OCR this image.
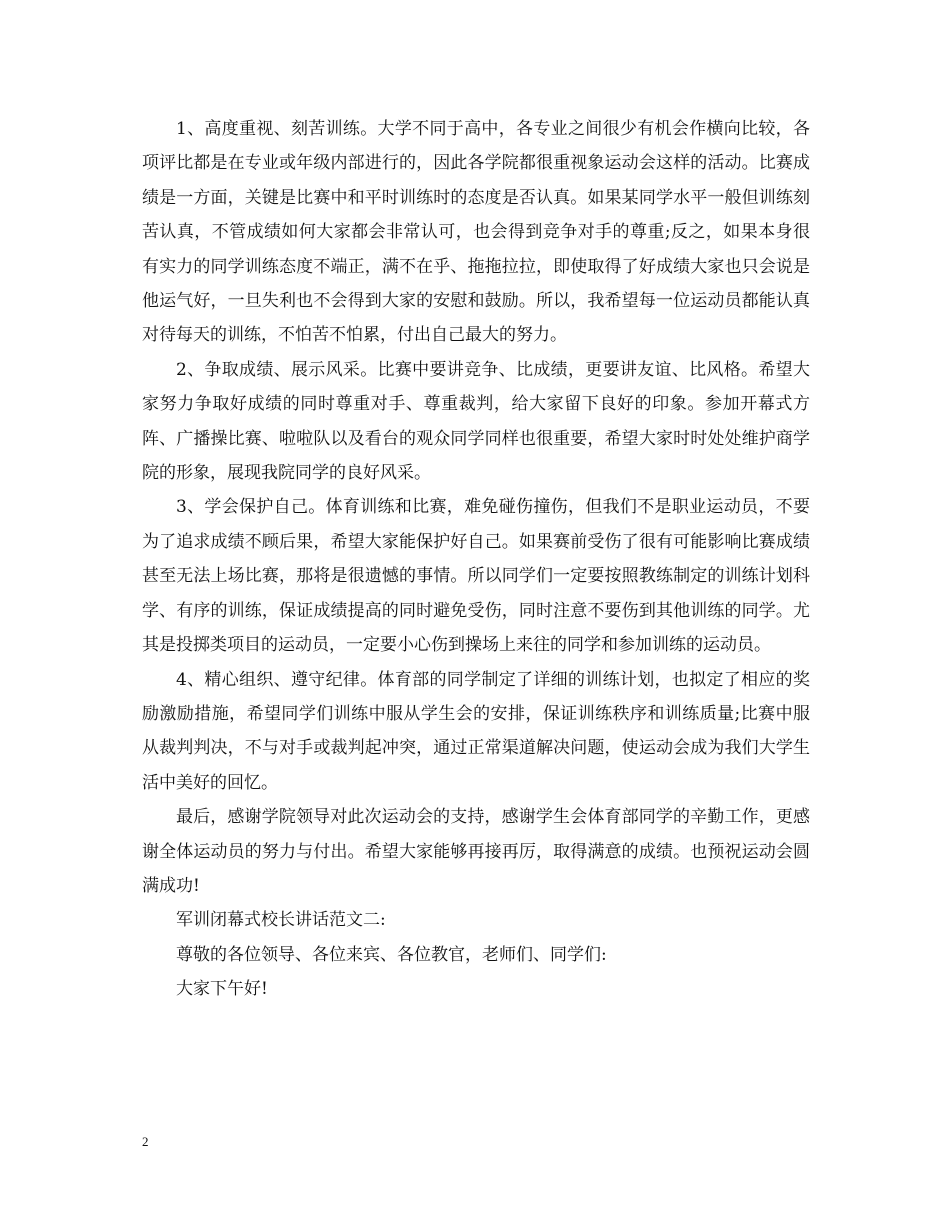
1、高度重视、刻苦训练。大学不同于高中，各专业之间很少有机会作横向比较，各项评比都是在专业或年级内部进行的，因此各学院都很重视象运动会这样的活动。比赛成绩是一方面，关键是比赛中和平时训练时的态度是否认真。如果某同学水平一般但训练刻苦认真，不管成绩如何大家都会非常认可，也会得到竞争对手的尊重;反之，如果本身很有实力的同学训练态度不端正，满不在乎、拖拖拉拉，即使取得了好成绩大家也只会说是他运气好，一旦失利也不会得到大家的安慰和鼓励。所以，我希望每一位运动员都能认真对待每天的训练，不怕苦不怕累，付出自己最大的努力。

2、争取成绩、展示风采。比赛中要讲竞争、比成绩，更要讲友谊、比风格。希望大家努力争取好成绩的同时尊重对手、尊重裁判，给大家留下良好的印象。参加开幕式方阵、广播操比赛、啦啦队以及看台的观众同学同样也很重要，希望大家时时处处维护商学院的形象，展现我院同学的良好风采。

3、学会保护自己。体育训练和比赛，难免碰伤撞伤，但我们不是职业运动员，不要为了追求成绩不顾后果，希望大家能保护好自己。如果赛前受伤了很有可能影响比赛成绩甚至无法上场比赛，那将是很遗憾的事情。所以同学们一定要按照教练制定的训练计划科学、有序的训练，保证成绩提高的同时避免受伤，同时注意不要伤到其他训练的同学。尤其是投掷类项目的运动员，一定要小心伤到操场上来往的同学和参加训练的运动员。

4、精心组织、遵守纪律。体育部的同学制定了详细的训练计划，也拟定了相应的奖励激励措施，希望同学们训练中服从学生会的安排，保证训练秩序和训练质量;比赛中服从裁判判决，不与对手或裁判起冲突，通过正常渠道解决问题，使运动会成为我们大学生活中美好的回忆。

最后，感谢学院领导对此次运动会的支持，感谢学生会体育部同学的辛勤工作，更感谢全体运动员的努力与付出。希望大家能够再接再厉，取得满意的成绩。也预祝运动会圆满成功!

军训闭幕式校长讲话范文二:

尊敬的各位领导、各位来宾、各位教官，老师们、同学们:

大家下午好!

2
